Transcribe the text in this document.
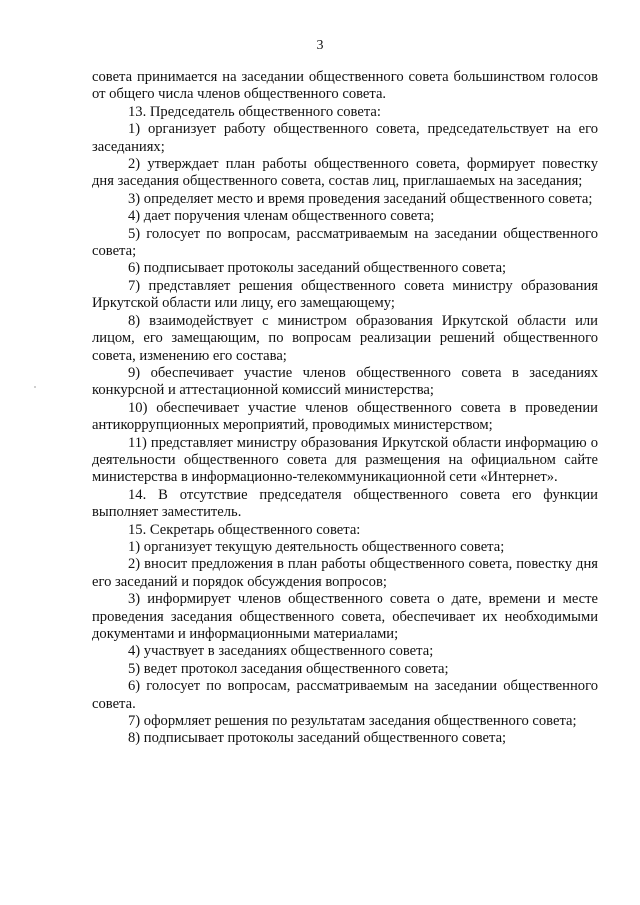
3

совета принимается на заседании общественного совета большинством голосов от общего числа членов общественного совета.

13. Председатель общественного совета:

1) организует работу общественного совета, председательствует на его заседаниях;

2) утверждает план работы общественного совета, формирует повестку дня заседания общественного совета, состав лиц, приглашаемых на заседания;

3) определяет место и время проведения заседаний общественного совета;

4) дает поручения членам общественного совета;

5) голосует по вопросам, рассматриваемым на заседании общественного совета;

6) подписывает протоколы заседаний общественного совета;

7) представляет решения общественного совета министру образования Иркутской области или лицу, его замещающему;

8) взаимодействует с министром образования Иркутской области или лицом, его замещающим, по вопросам реализации решений общественного совета, изменению его состава;

9) обеспечивает участие членов общественного совета в заседаниях конкурсной и аттестационной комиссий министерства;

10) обеспечивает участие членов общественного совета в проведении антикоррупционных мероприятий, проводимых министерством;

11) представляет министру образования Иркутской области информацию о деятельности общественного совета для размещения на официальном сайте министерства в информационно-телекоммуникационной сети «Интернет».

14. В отсутствие председателя общественного совета его функции выполняет заместитель.

15. Секретарь общественного совета:

1) организует текущую деятельность общественного совета;

2) вносит предложения в план работы общественного совета, повестку дня его заседаний и порядок обсуждения вопросов;

3) информирует членов общественного совета о дате, времени и месте проведения заседания общественного совета, обеспечивает их необходимыми документами и информационными материалами;

4) участвует в заседаниях общественного совета;

5) ведет протокол заседания общественного совета;

6) голосует по вопросам, рассматриваемым на заседании общественного совета.

7) оформляет решения по результатам заседания общественного совета;

8) подписывает протоколы заседаний общественного совета;
